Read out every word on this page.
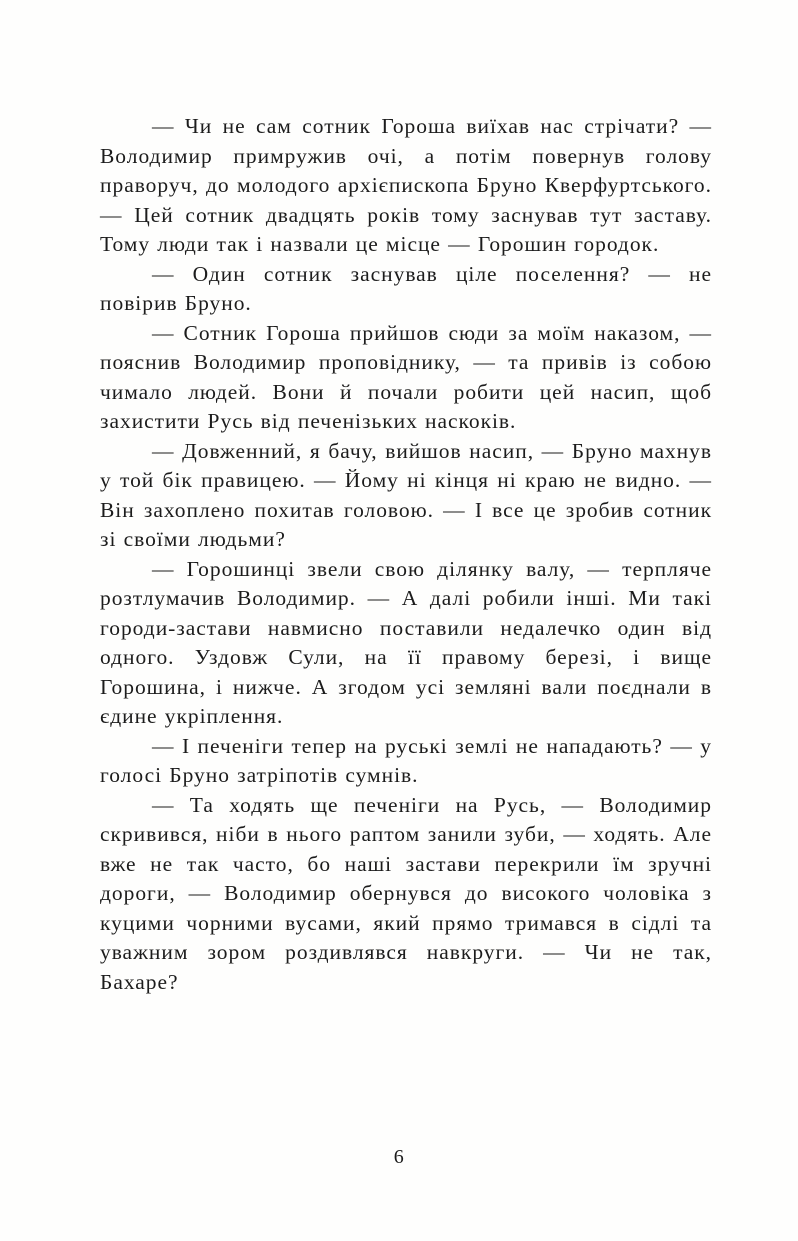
— Чи не сам сотник Гороша виїхав нас стрічати? — Володимир примружив очі, а потім повернув голову праворуч, до молодого архієпископа Бруно Кверфуртського. — Цей сотник двадцять років тому заснував тут заставу. Тому люди так і назвали це місце — Горошин городок.

— Один сотник заснував ціле поселення? — не повірив Бруно.

— Сотник Гороша прийшов сюди за моїм наказом, — пояснив Володимир проповіднику, — та привів із собою чимало людей. Вони й почали робити цей насип, щоб захистити Русь від печенізьких наскоків.

— Довженний, я бачу, вийшов насип, — Бруно махнув у той бік правицею. — Йому ні кінця ні краю не видно. — Він захоплено похитав головою. — І все це зробив сотник зі своїми людьми?

— Горошинці звели свою ділянку валу, — терпляче розтлумачив Володимир. — А далі робили інші. Ми такі городи-застави навмисно поставили недалечко один від одного. Уздовж Сули, на її правому березі, і вище Горошина, і нижче. А згодом усі земляні вали поєднали в єдине укріплення.

— І печеніги тепер на руські землі не нападають? — у голосі Бруно затріпотів сумнів.

— Та ходять ще печеніги на Русь, — Володимир скривився, ніби в нього раптом занили зуби, — ходять. Але вже не так часто, бо наші застави перекрили їм зручні дороги, — Володимир обернувся до високого чоловіка з куцими чорними вусами, який прямо тримався в сідлі та уважним зором роздивлявся навкруги. — Чи не так, Бахаре?

6
